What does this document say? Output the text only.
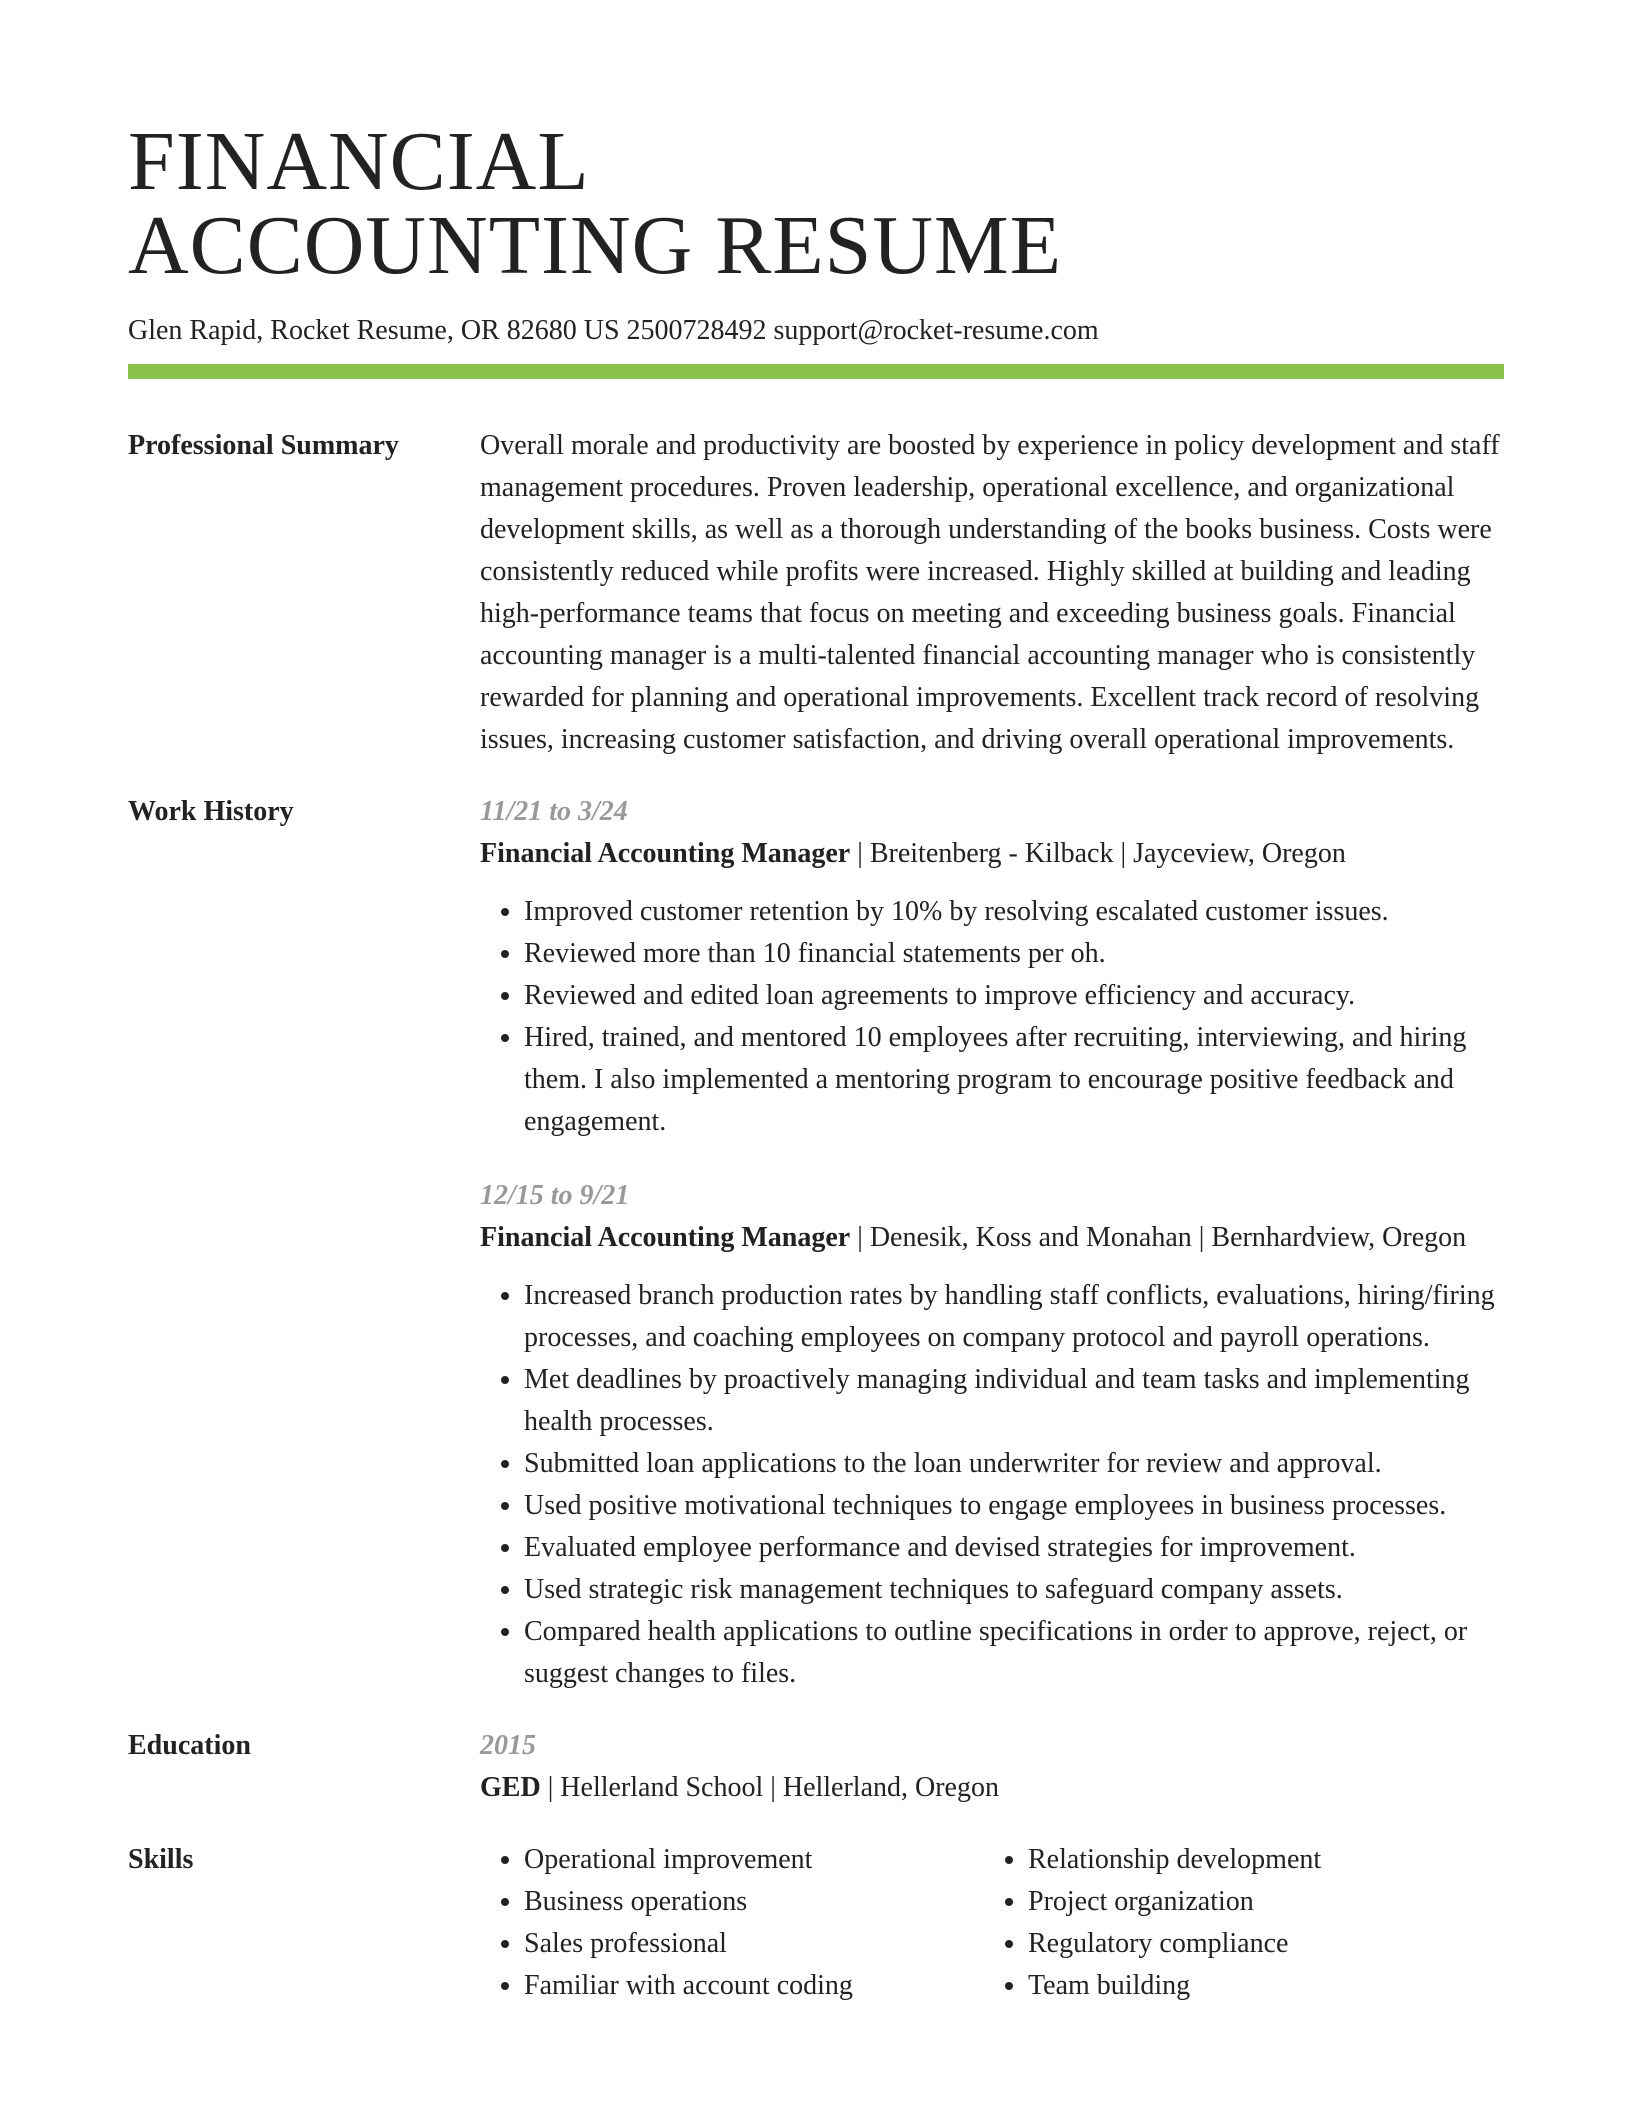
FINANCIAL
ACCOUNTING RESUME
Glen Rapid, Rocket Resume, OR 82680 US 2500728492 support@rocket-resume.com
Professional Summary	Overall morale and productivity are boosted by experience in policy development and staff management procedures. Proven leadership, operational excellence, and organizational development skills, as well as a thorough understanding of the books business. Costs were consistently reduced while profits were increased. Highly skilled at building and leading high-performance teams that focus on meeting and exceeding business goals. Financial accounting manager is a multi-talented financial accounting manager who is consistently rewarded for planning and operational improvements. Excellent track record of resolving issues, increasing customer satisfaction, and driving overall operational improvements.

Work History	11/21 to 3/24
Financial Accounting Manager | Breitenberg - Kilback | Jayceview, Oregon
• Improved customer retention by 10% by resolving escalated customer issues.
• Reviewed more than 10 financial statements per oh.
• Reviewed and edited loan agreements to improve efficiency and accuracy.
• Hired, trained, and mentored 10 employees after recruiting, interviewing, and hiring them. I also implemented a mentoring program to encourage positive feedback and engagement.
12/15 to 9/21
Financial Accounting Manager | Denesik, Koss and Monahan | Bernhardview, Oregon
• Increased branch production rates by handling staff conflicts, evaluations, hiring/firing processes, and coaching employees on company protocol and payroll operations.
• Met deadlines by proactively managing individual and team tasks and implementing health processes.
• Submitted loan applications to the loan underwriter for review and approval.
• Used positive motivational techniques to engage employees in business processes.
• Evaluated employee performance and devised strategies for improvement.
• Used strategic risk management techniques to safeguard company assets.
• Compared health applications to outline specifications in order to approve, reject, or suggest changes to files.
Education	2015
GED | Hellerland School | Hellerland, Oregon
Skills
•	Operational improvement
• Business operations
• Sales professional
• Familiar with account coding
• Relationship development
• Project organization
• Regulatory compliance
• Team building
